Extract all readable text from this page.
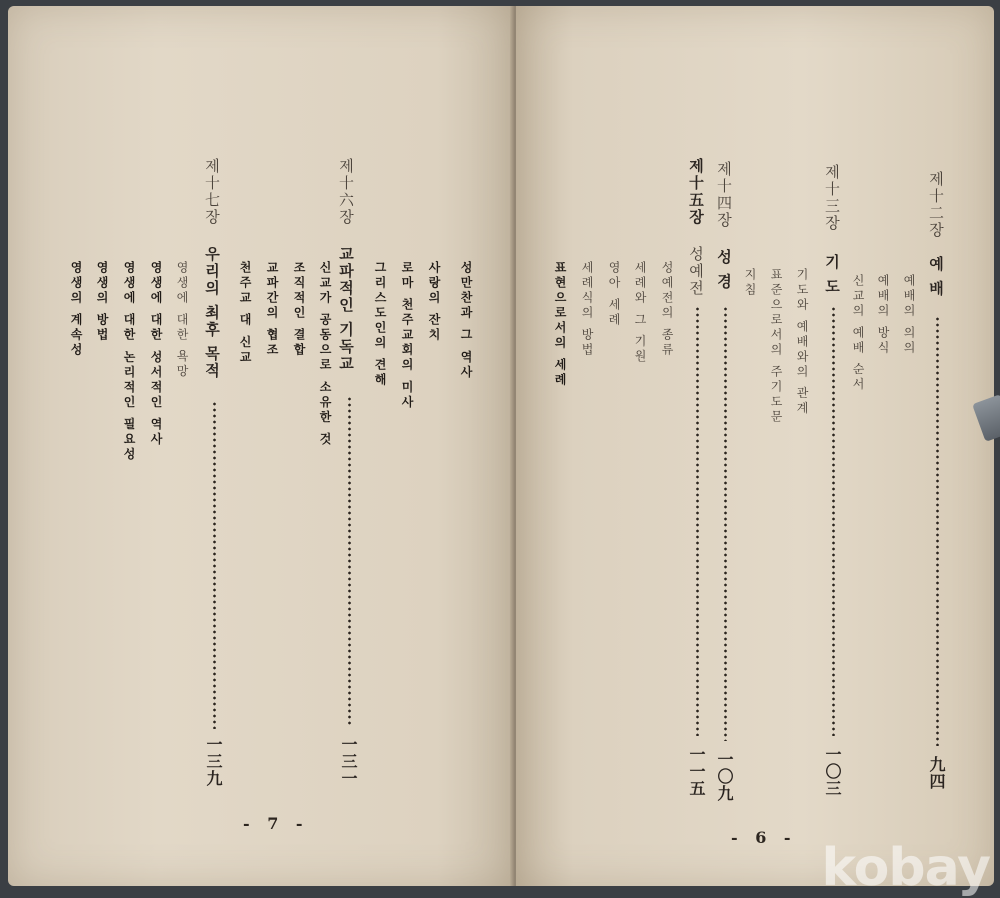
성만찬과 그 역사
사랑의 잔치
로마 천주교회의 미사
그리스도인의 견해
제十六장
교파적인 기독교
一三一
신교가 공동으로 소유한 것
조직적인 결합
교파간의 협조
천주교 대 신교
제十七장
우리의 최후 목적
一三九
영생에 대한 욕망
영생에 대한 성서적인 역사
영생에 대한 논리적인 필요성
영생의 방법
영생의 계속성
- 7 -
제十二장
예 배
九四
예배의 의의
예배의 방식
신교의 예배 순서
제十三장
기 도
一〇三
기도와 예배와의 관계
표준으로서의 주기도문
지침
제十四장
성 경
一〇九
제十五장
성예전
一一五
성예전의 종류
세례와 그 기원
영아 세례
세례식의 방법
표현으로서의 세례
- 6 -
kobay
